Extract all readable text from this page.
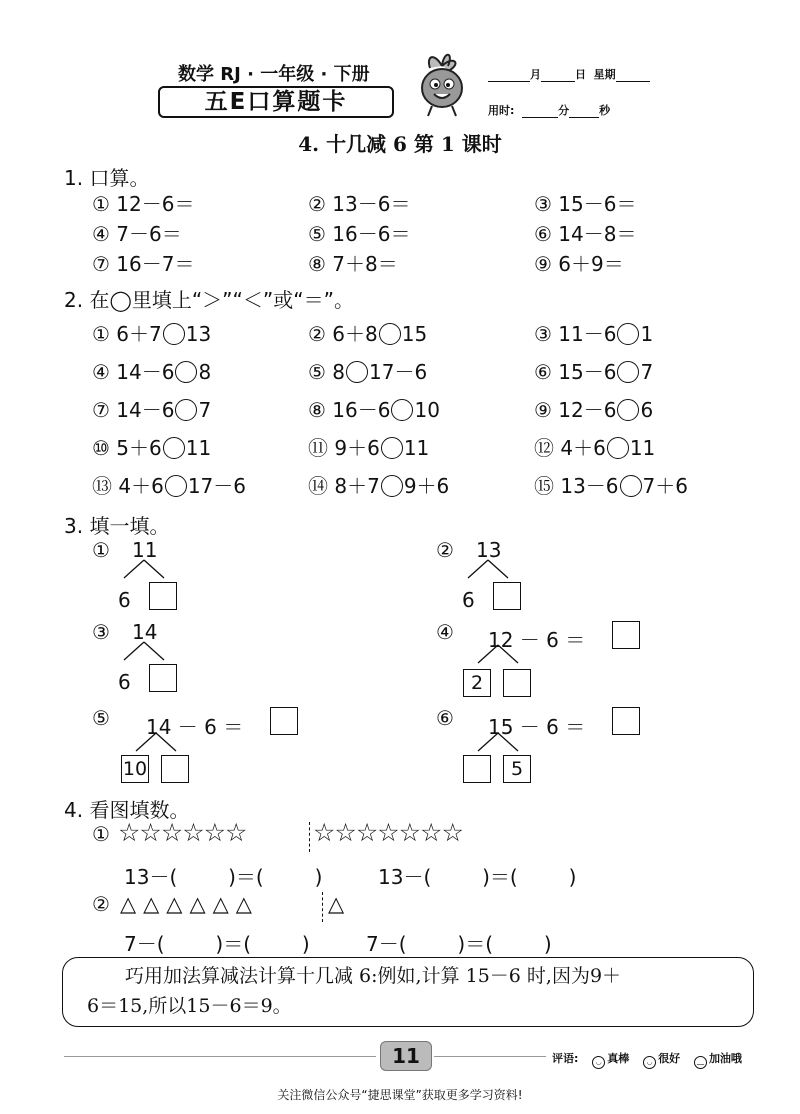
数学 RJ · 一年级 · 下册
五E口算题卡
月	日 星期
用时:	分	秒
4. 十几减 6 第 1 课时
1. 口算。
① 12－6＝	② 13－6＝	③ 15－6＝
④ 7－6＝	⑤ 16－6＝	⑥ 14－8＝
⑦ 16－7＝	⑧ 7＋8＝	⑨ 6＋9＝
2. 在◯里填上“＞”“＜”或“＝”。
① 6＋7 13	② 6＋8 15	③ 11－6 1
④ 14－6 8	⑤ 8 17－6	⑥ 15－6 7
⑦ 14－6 7	⑧ 16－6 10	⑨ 12－6 6
⑩ 5＋6 11	⑪ 9＋6 11	⑫ 4＋6 11
⑬ 4＋6 17－6	⑭ 8＋7 9＋6	⑮ 13－6 7＋6
3. 填一填。
① 11
6
② 13
6
③ 14
6
④ 12 － 6 ＝
2
⑤ 14 － 6 ＝
10
⑥ 15 － 6 ＝
5
4. 看图填数。
① ☆☆☆☆☆☆	☆☆☆☆☆☆☆
13－(        )＝(        )	13－(        )＝(        )
② △△△△△△	△
7－(        )＝(        )	7－(        )＝(        )
巧用加法算减法计算十几减 6:例如,计算 15－6 时,因为9＋
6＝15,所以15－6＝9。
11	评语:	◡ 真棒	◡ 很好 ﹏ 加油哦
关注微信公众号“捷思课堂”获取更多学习资料!
